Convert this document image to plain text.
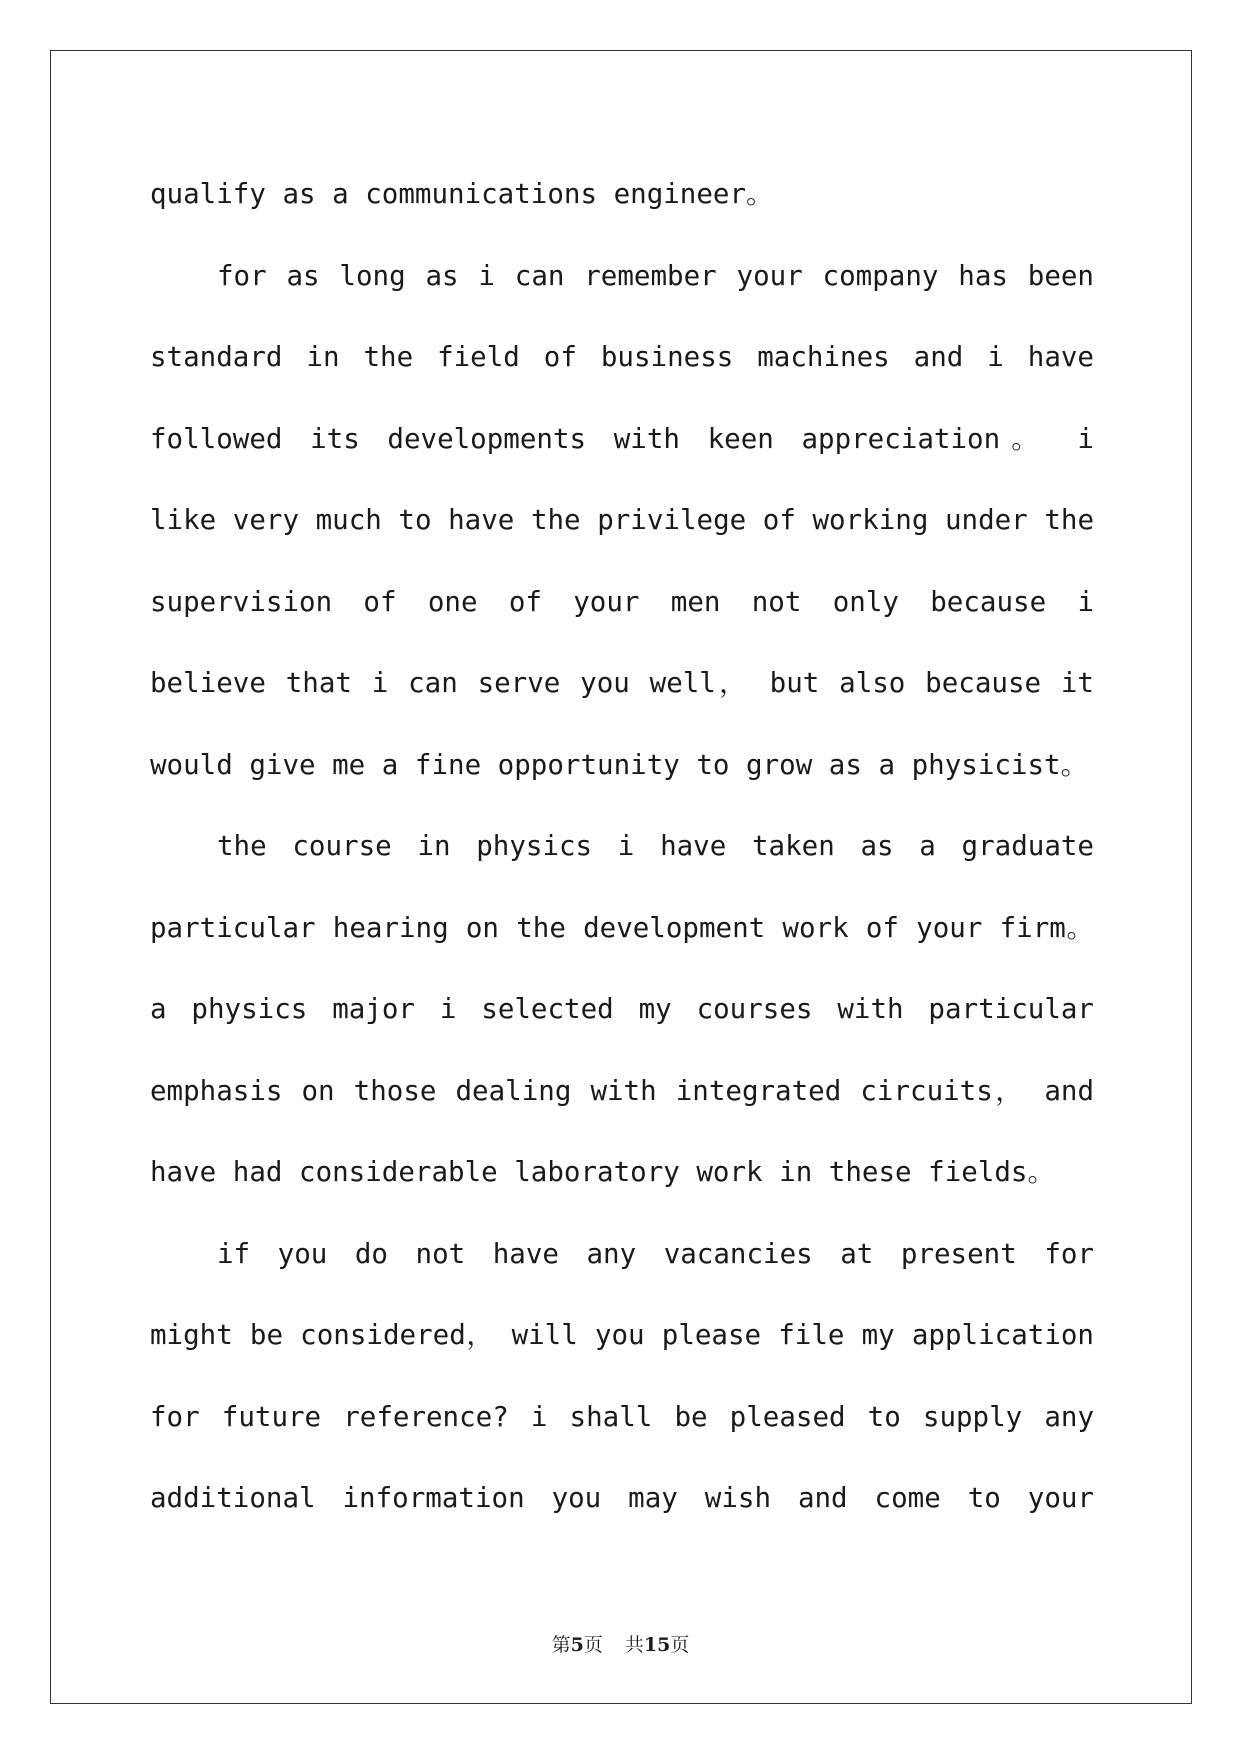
qualify as a communications engineer。
for as long as i can remember your company has been
standard in the field of business machines and i have
followed its developments with keen appreciation。 i
like very much to have the privilege of working under the
supervision of one of your men not only because i
believe that i can serve you well， but also because it
would give me a fine opportunity to grow as a physicist。
the course in physics i have taken as a graduate
particular hearing on the development work of your firm。
a physics major i selected my courses with particular
emphasis on those dealing with integrated circuits， and
have had considerable laboratory work in these fields。
if you do not have any vacancies at present for
might be considered， will you please file my application
for future reference? i shall be pleased to supply any
additional information you may wish and come to your
第5页 共15页
